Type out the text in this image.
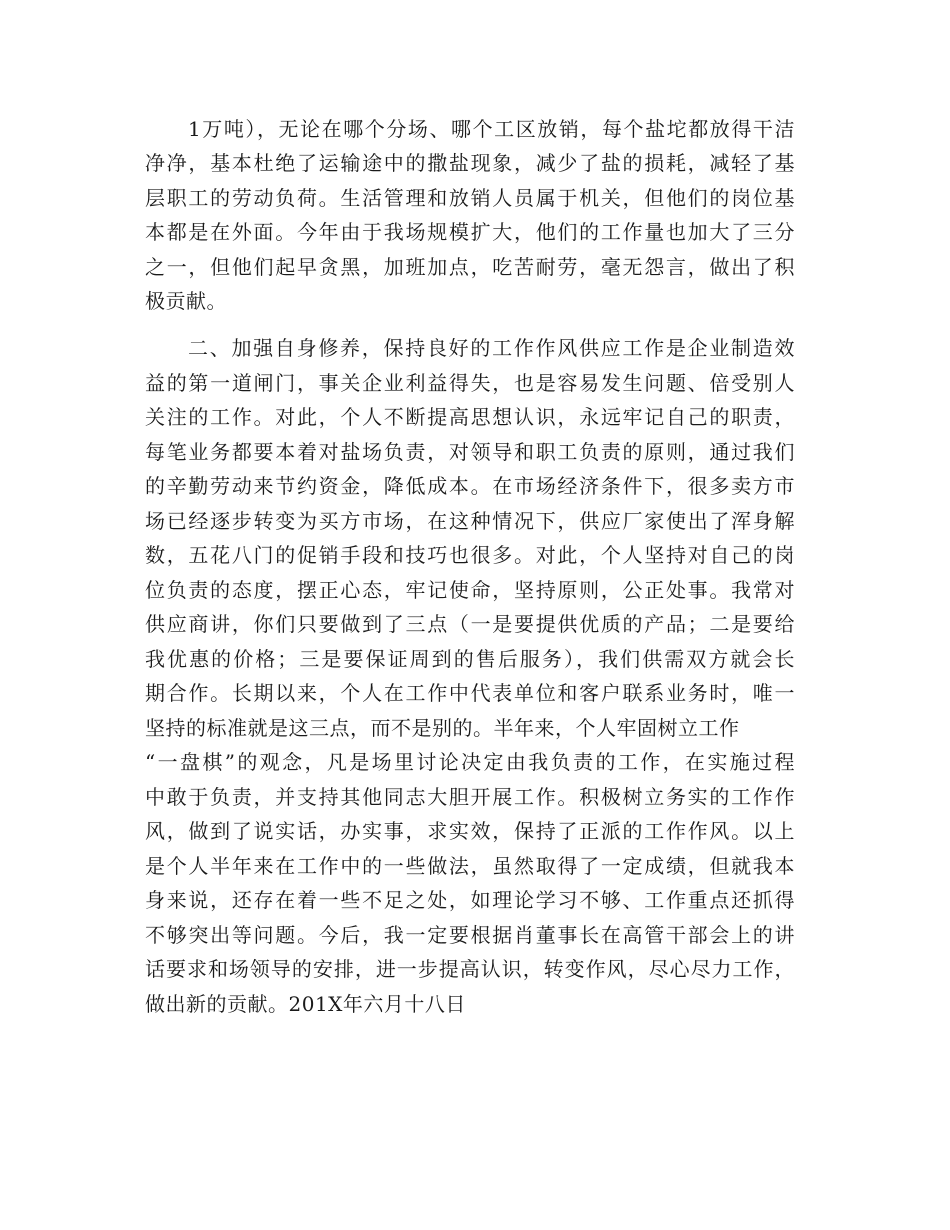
1万吨），无论在哪个分场、哪个工区放销，每个盐坨都放得干洁
净净，基本杜绝了运输途中的撒盐现象，减少了盐的损耗，减轻了基
层职工的劳动负荷。生活管理和放销人员属于机关，但他们的岗位基
本都是在外面。今年由于我场规模扩大，他们的工作量也加大了三分
之一，但他们起早贪黑，加班加点，吃苦耐劳，毫无怨言，做出了积
极贡献。
二、加强自身修养，保持良好的工作作风供应工作是企业制造效
益的第一道闸门，事关企业利益得失，也是容易发生问题、倍受别人
关注的工作。对此，个人不断提高思想认识，永远牢记自己的职责，
每笔业务都要本着对盐场负责，对领导和职工负责的原则，通过我们
的辛勤劳动来节约资金，降低成本。在市场经济条件下，很多卖方市
场已经逐步转变为买方市场，在这种情况下，供应厂家使出了浑身解
数，五花八门的促销手段和技巧也很多。对此，个人坚持对自己的岗
位负责的态度，摆正心态，牢记使命，坚持原则，公正处事。我常对
供应商讲，你们只要做到了三点（一是要提供优质的产品；二是要给
我优惠的价格；三是要保证周到的售后服务），我们供需双方就会长
期合作。长期以来，个人在工作中代表单位和客户联系业务时，唯一
坚持的标准就是这三点，而不是别的。半年来，个人牢固树立工作
“一盘棋”的观念，凡是场里讨论决定由我负责的工作，在实施过程
中敢于负责，并支持其他同志大胆开展工作。积极树立务实的工作作
风，做到了说实话，办实事，求实效，保持了正派的工作作风。以上
是个人半年来在工作中的一些做法，虽然取得了一定成绩，但就我本
身来说，还存在着一些不足之处，如理论学习不够、工作重点还抓得
不够突出等问题。今后，我一定要根据肖董事长在高管干部会上的讲
话要求和场领导的安排，进一步提高认识，转变作风，尽心尽力工作，
做出新的贡献。201X年六月十八日
